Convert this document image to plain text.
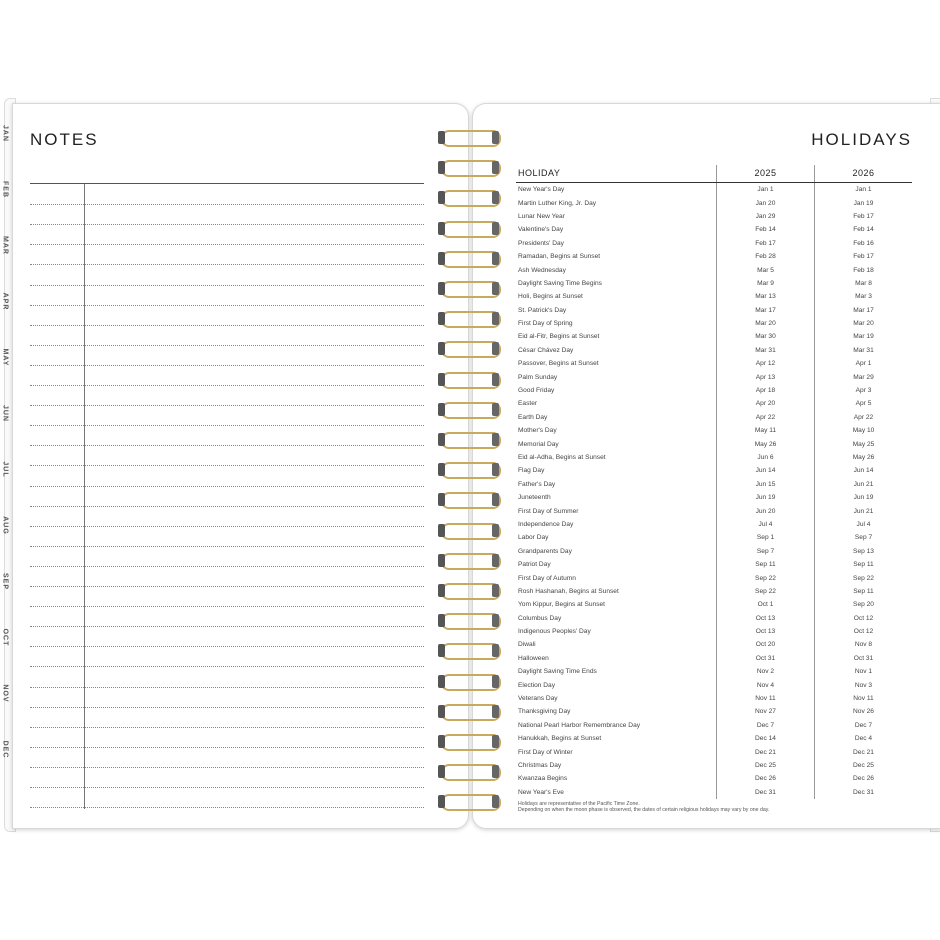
JAN
FEB
MAR
APR
MAY
JUN
JUL
AUG
SEP
OCT
NOV
DEC
NOTES	HOLIDAYS
HOLIDAY	2025	2026
New Year's Day	Jan 1	Jan 1
Martin Luther King, Jr. Day	Jan 20	Jan 19
Lunar New Year	Jan 29	Feb 17
Valentine's Day	Feb 14	Feb 14
Presidents' Day	Feb 17	Feb 16
Ramadan, Begins at Sunset	Feb 28	Feb 17
Ash Wednesday	Mar 5	Feb 18
Daylight Saving Time Begins	Mar 9	Mar 8
Holi, Begins at Sunset	Mar 13	Mar 3
St. Patrick's Day	Mar 17	Mar 17
First Day of Spring	Mar 20	Mar 20
Eid al-Fitr, Begins at Sunset	Mar 30	Mar 19
César Chávez Day	Mar 31	Mar 31
Passover, Begins at Sunset	Apr 12	Apr 1
Palm Sunday	Apr 13	Mar 29
Good Friday	Apr 18	Apr 3
Easter	Apr 20	Apr 5
Earth Day	Apr 22	Apr 22
Mother's Day	May 11	May 10
Memorial Day	May 26	May 25
Eid al-Adha, Begins at Sunset	Jun 6	May 26
Flag Day	Jun 14	Jun 14
Father's Day	Jun 15	Jun 21
Juneteenth	Jun 19	Jun 19
First Day of Summer	Jun 20	Jun 21
Independence Day	Jul 4	Jul 4
Labor Day	Sep 1	Sep 7
Grandparents Day	Sep 7	Sep 13
Patriot Day	Sep 11	Sep 11
First Day of Autumn	Sep 22	Sep 22
Rosh Hashanah, Begins at Sunset	Sep 22	Sep 11
Yom Kippur, Begins at Sunset	Oct 1	Sep 20
Columbus Day	Oct 13	Oct 12
Indigenous Peoples' Day	Oct 13	Oct 12
Diwali	Oct 20	Nov 8
Halloween	Oct 31	Oct 31
Daylight Saving Time Ends	Nov 2	Nov 1
Election Day	Nov 4	Nov 3
Veterans Day	Nov 11	Nov 11
Thanksgiving Day	Nov 27	Nov 26
National Pearl Harbor Remembrance Day	Dec 7	Dec 7
Hanukkah, Begins at Sunset	Dec 14	Dec 4
First Day of Winter	Dec 21	Dec 21
Christmas Day	Dec 25	Dec 25
Kwanzaa Begins	Dec 26	Dec 26
New Year's Eve	Dec 31	Dec 31
Holidays are representative of the Pacific Time Zone.
Depending on when the moon phase is observed, the dates of certain religious holidays may vary by one day.
